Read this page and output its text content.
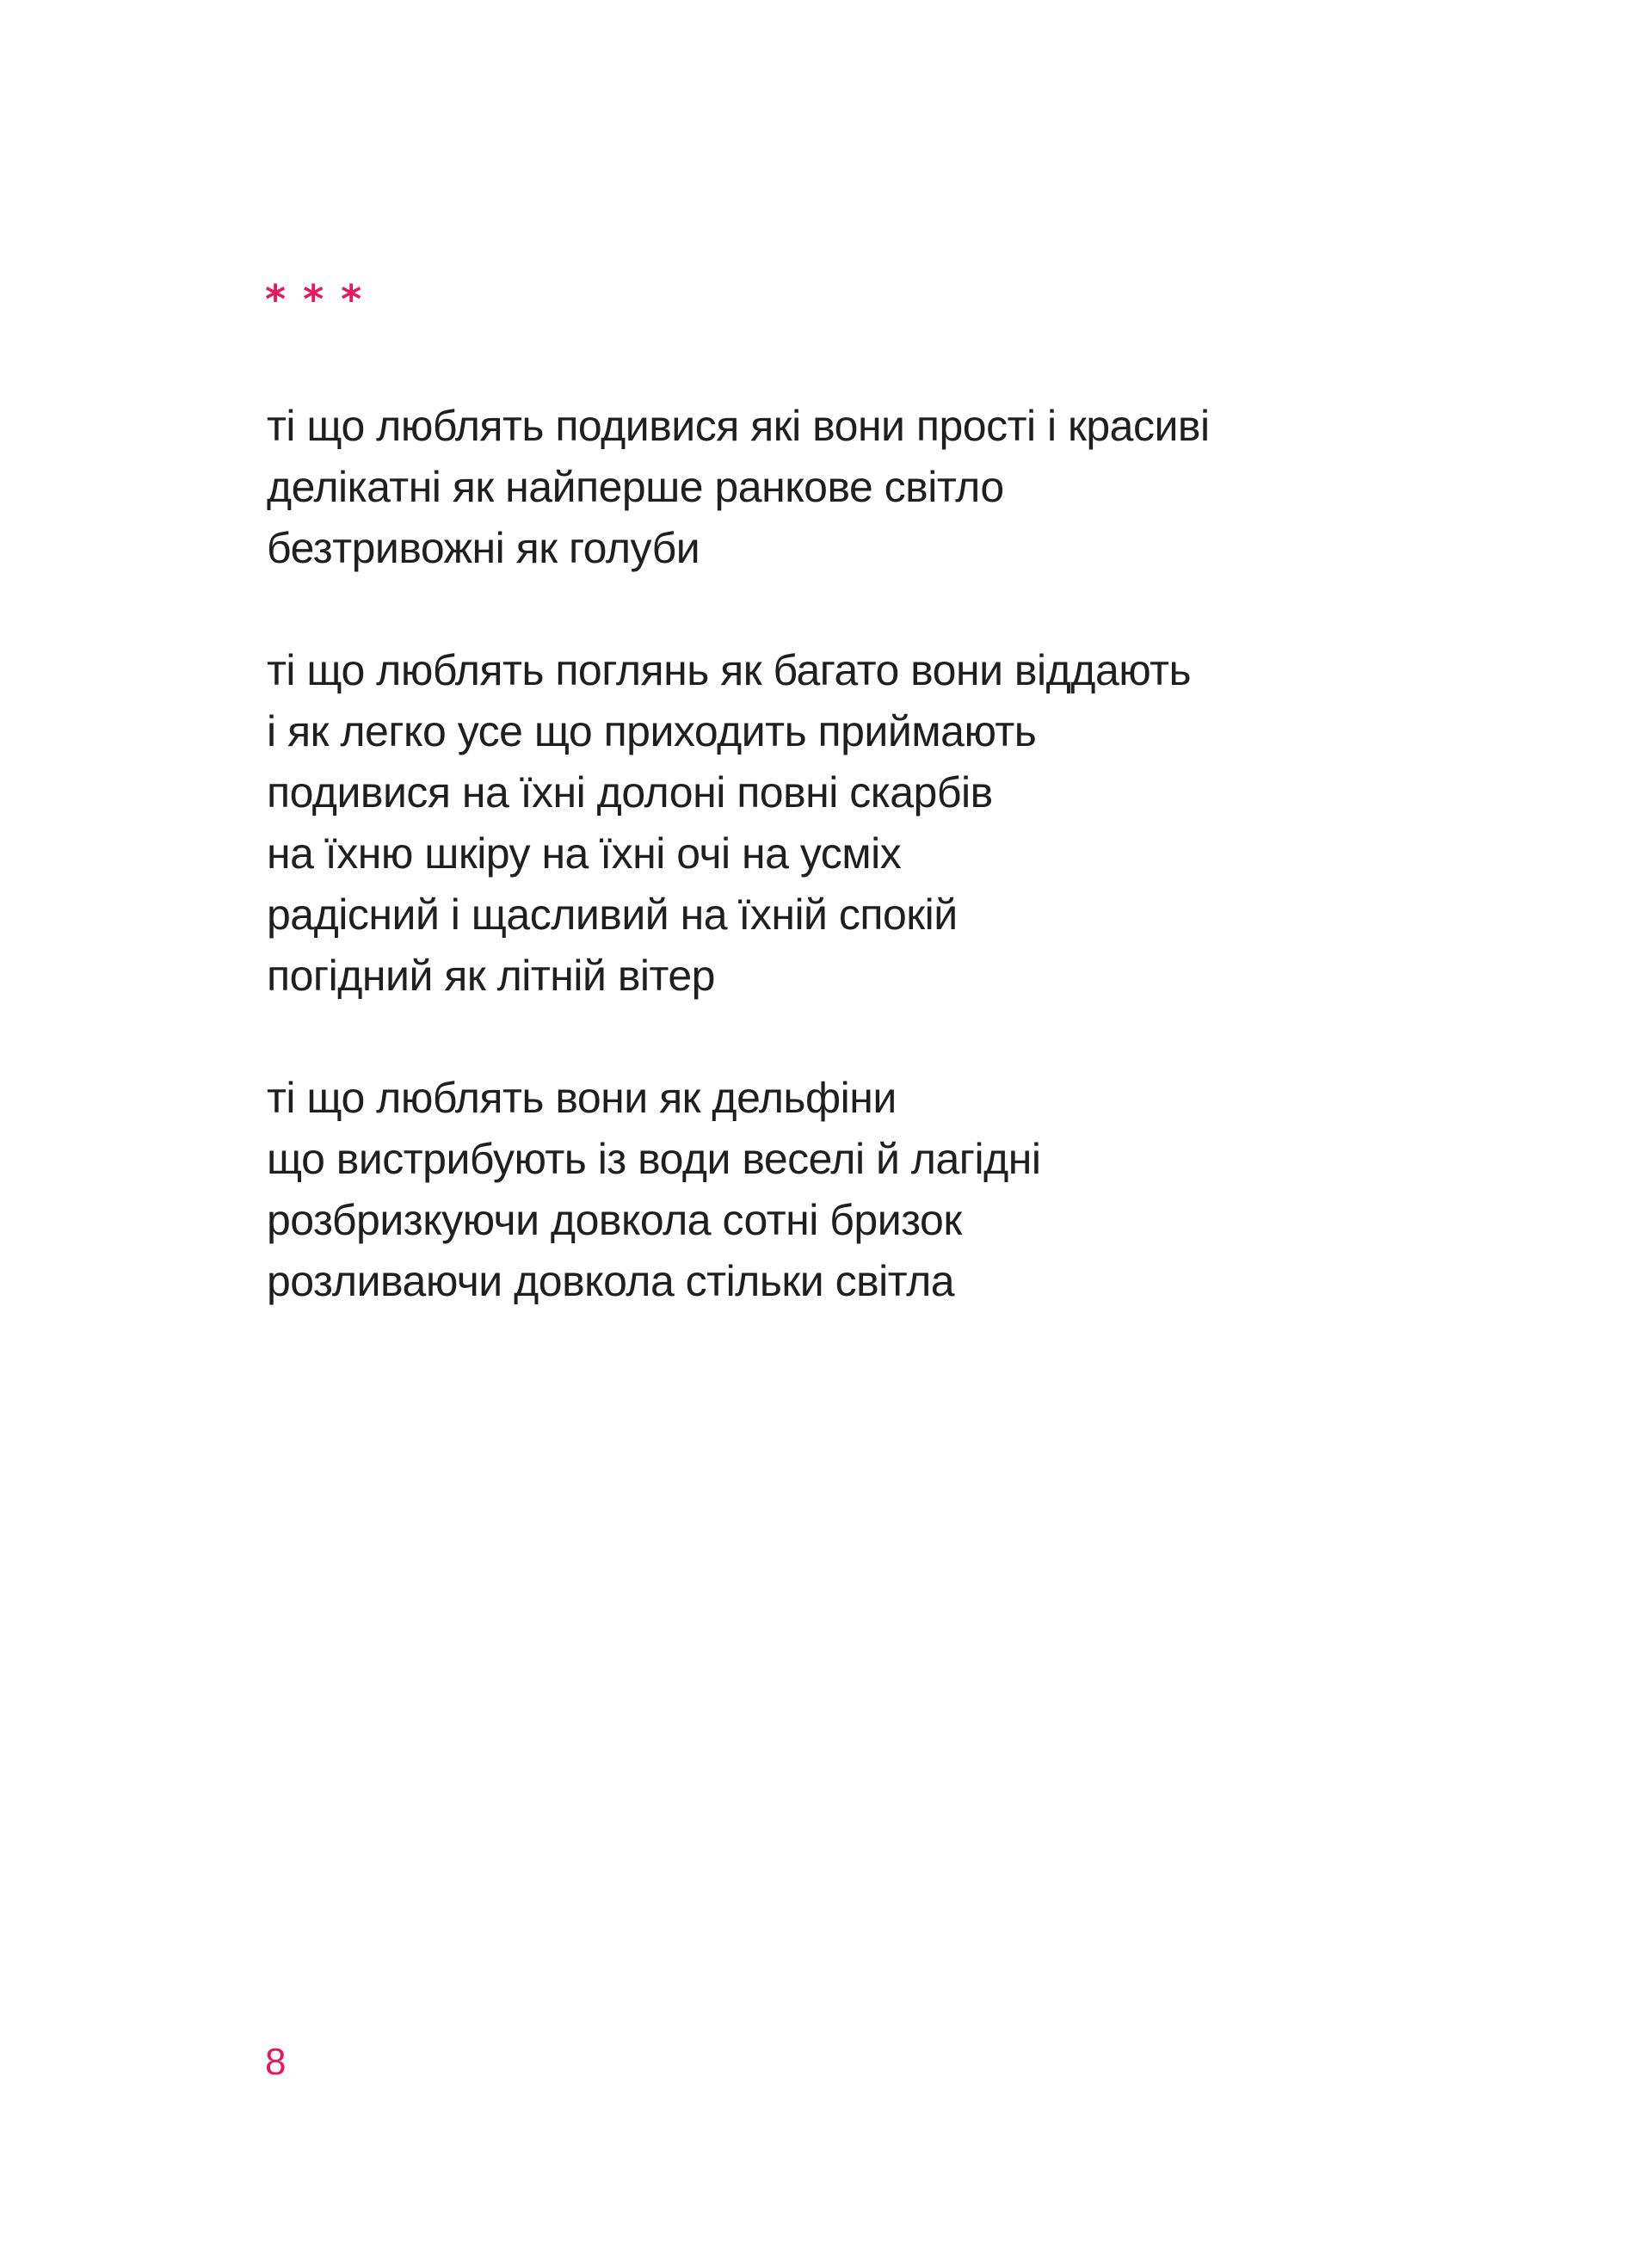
* * *
ті що люблять подивися які вони прості і красиві
делікатні як найперше ранкове світло
безтривожні як голуби
ті що люблять поглянь як багато вони віддають
і як легко усе що приходить приймають
подивися на їхні долоні повні скарбів
на їхню шкіру на їхні очі на усміх
радісний і щасливий на їхній спокій
погідний як літній вітер
ті що люблять вони як дельфіни
що вистрибують із води веселі й лагідні
розбризкуючи довкола сотні бризок
розливаючи довкола стільки світла
8
